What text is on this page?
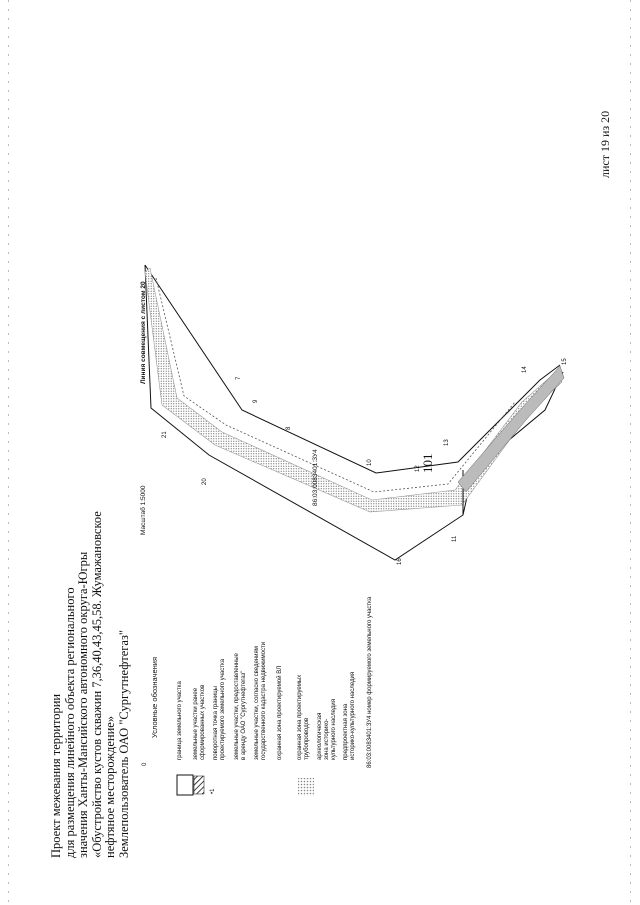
101
Проект межевания территории для размещения линейного объекта регионального значения Ханты-Мансийского автономного округа-Югры «Обустройство кустов скважин 7,36,40,43,45,58. Жумажановское нефтяное месторождение» Землепользователь ОАО "Сургутнефтегаз"
лист 19 из 20
Условные обозначения
0
•1
граница земельного участка земельные участки ранее сформированных участков поворотная точка границы проектируемого земельного участка земельные участки, предоставленные в аренду ОАО "Сургутнефтегаз" земельные участки, согласно сведениям государственного кадастра недвижимости охранная зона проектируемой ВЛ охранная зона проектируемых трубопроводов археологическая зона историко- культурного наследия предпроектная зона историко-культурного наследия 86:03:0083401:ЗУ4 номер формируемого земельного участка
Масштаб 1:5000
Линия совмещения с листом 20
86:03:0083401:ЗУ4
20
21
16
11
12
13
14
15
9
8
7
10
